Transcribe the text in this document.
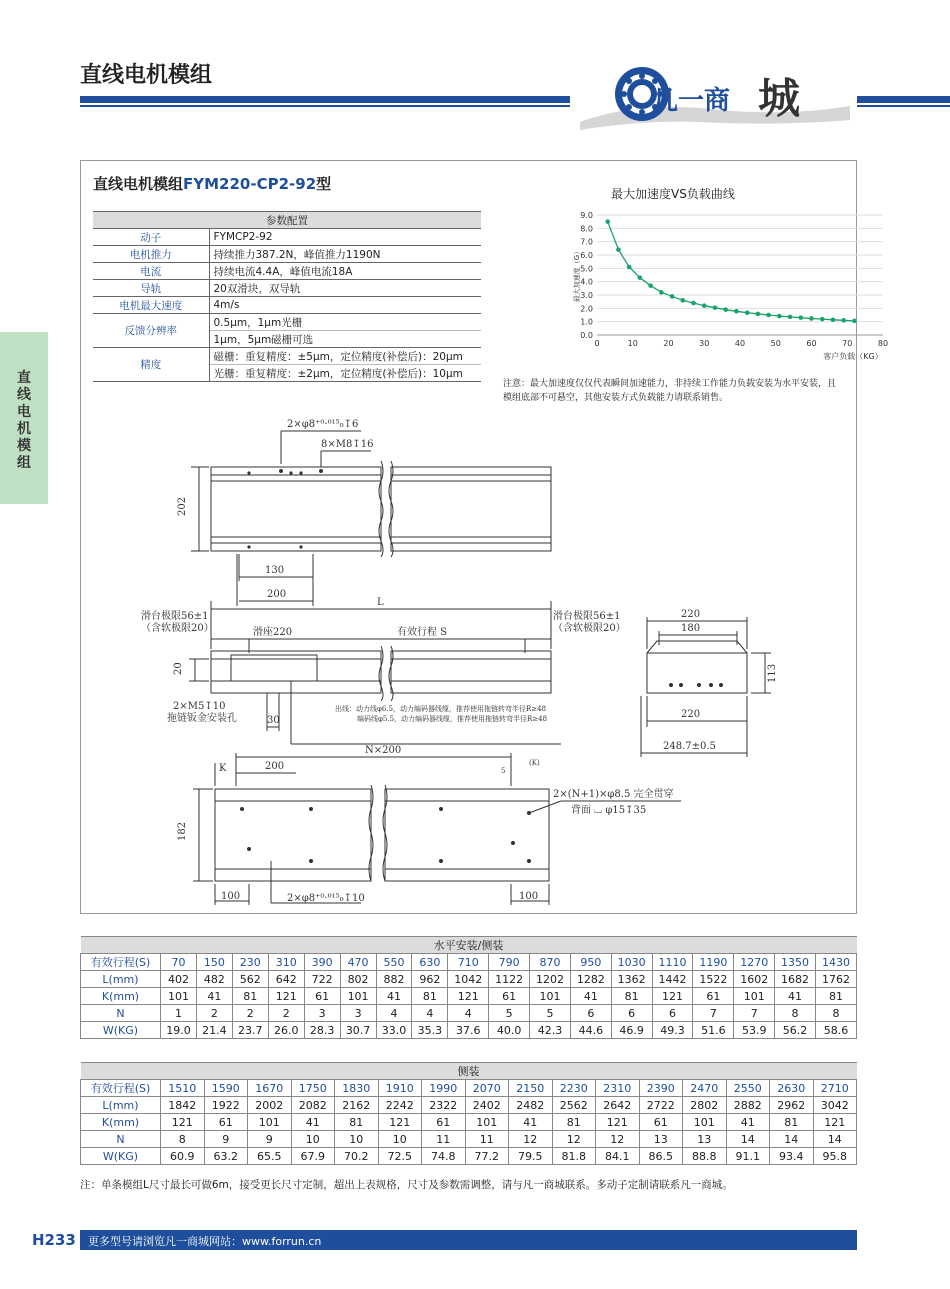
直线电机模组
凡一商 城
直
线
电
机
模
组
直线电机模组FYM220-CP2-92型
参数配置	
动子	FYMCP2-92
电机推力	持续推力387.2N，峰值推力1190N
电流	持续电流4.4A，峰值电流18A
导轨	20双滑块，双导轨
电机最大速度	4m/s
反馈分辨率	0.5μm，1μm光栅
	1μm，5μm磁栅可选
精度	磁栅：重复精度：±5μm，定位精度(补偿后)：20μm
	光栅：重复精度：±2μm，定位精度(补偿后)：10μm
最大加速度VS负载曲线
0.0
1.0
2.0
3.0
4.0
5.0
6.0
7.0
8.0
9.0
0	10	20	30	40	50	60	70	80
客户负载（KG）
最大加速度（G）
注意：最大加速度仅仅代表瞬间加速能力，非持续工作能力负载安装为水平安装，且模组底部不可悬空，其他安装方式负载能力请联系销售。
2×φ8⁺⁰·⁰¹⁵₀↧6
8×M8↧16
202
130
200
L
滑台极限56±1
（含软极限20）
滑台极限56±1
（含软极限20）
滑座220	有效行程 S
20
2×M5↧10
拖链钣金安装孔	30
出线：动力线φ6.5，动力编码器线缆，推荐使用拖链转弯半径R≥48
编码线φ5.5，动力编码器线缆，推荐使用拖链转弯半径R≥48
220
180
113
220
248.7±0.5
K	200
N×200
5
(K)
2×(N+1)×φ8.5 完全贯穿
背面 ⌴ φ15↧35
182
100	2×φ8⁺⁰·⁰¹⁵₀↧10	100
水平安装/侧装																		
有效行程(S)	70	150	230	310	390	470	550	630	710	790	870	950	1030	1110	1190	1270	1350	1430
L(mm)	402	482	562	642	722	802	882	962	1042	1122	1202	1282	1362	1442	1522	1602	1682	1762
K(mm)	101	41	81	121	61	101	41	81	121	61	101	41	81	121	61	101	41	81
N	1	2	2	2	3	3	4	4	4	5	5	6	6	6	7	7	8	8
W(KG)	19.0	21.4	23.7	26.0	28.3	30.7	33.0	35.3	37.6	40.0	42.3	44.6	46.9	49.3	51.6	53.9	56.2	58.6
侧装																
有效行程(S)	1510	1590	1670	1750	1830	1910	1990	2070	2150	2230	2310	2390	2470	2550	2630	2710
L(mm)	1842	1922	2002	2082	2162	2242	2322	2402	2482	2562	2642	2722	2802	2882	2962	3042
K(mm)	121	61	101	41	81	121	61	101	41	81	121	61	101	41	81	121
N	8	9	9	10	10	10	11	11	12	12	12	13	13	14	14	14
W(KG)	60.9	63.2	65.5	67.9	70.2	72.5	74.8	77.2	79.5	81.8	84.1	86.5	88.8	91.1	93.4	95.8
注：单条模组L尺寸最长可做6m，接受更长尺寸定制，超出上表规格，尺寸及参数需调整，请与凡一商城联系。多动子定制请联系凡一商城。
H233	更多型号请浏览凡一商城网站：www.forrun.cn
